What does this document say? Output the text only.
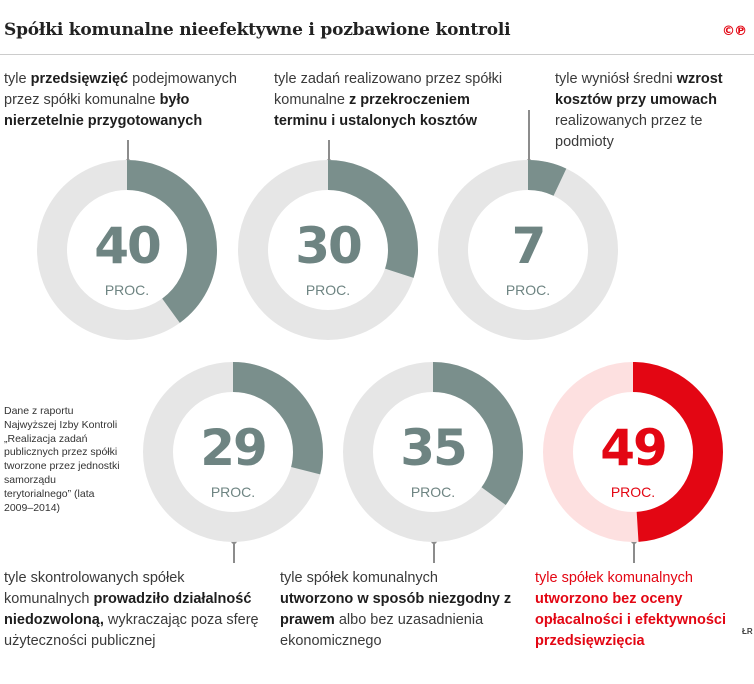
Spółki komunalne nieefektywne i pozbawione kontroli	©℗
tyle przedsięwzięć podejmowanych przez spółki komunalne było nierzetelnie przygotowanych
tyle zadań realizowano przez spółki komunalne z przekroczeniem terminu i ustalonych kosztów
tyle wyniósł średni wzrost kosztów przy umowach realizowanych przez te podmioty
tyle skontrolowanych spółek komunalnych prowadziło działalność niedozwoloną, wykraczając poza sferę użyteczności publicznej
tyle spółek komunalnych utworzono w sposób niezgodny z prawem albo bez uzasadnienia ekonomicznego
tyle spółek komunalnych utworzono bez oceny opłacalności i efektywności przedsięwzięcia
40
PROC.
30
PROC.
7
PROC.
29
PROC.
35
PROC.
49
PROC.
Dane z raportu Najwyższej Izby Kontroli „Realizacja zadań publicznych przez spółki tworzone przez jednostki samorządu terytorialnego” (lata 2009–2014)
ŁR
